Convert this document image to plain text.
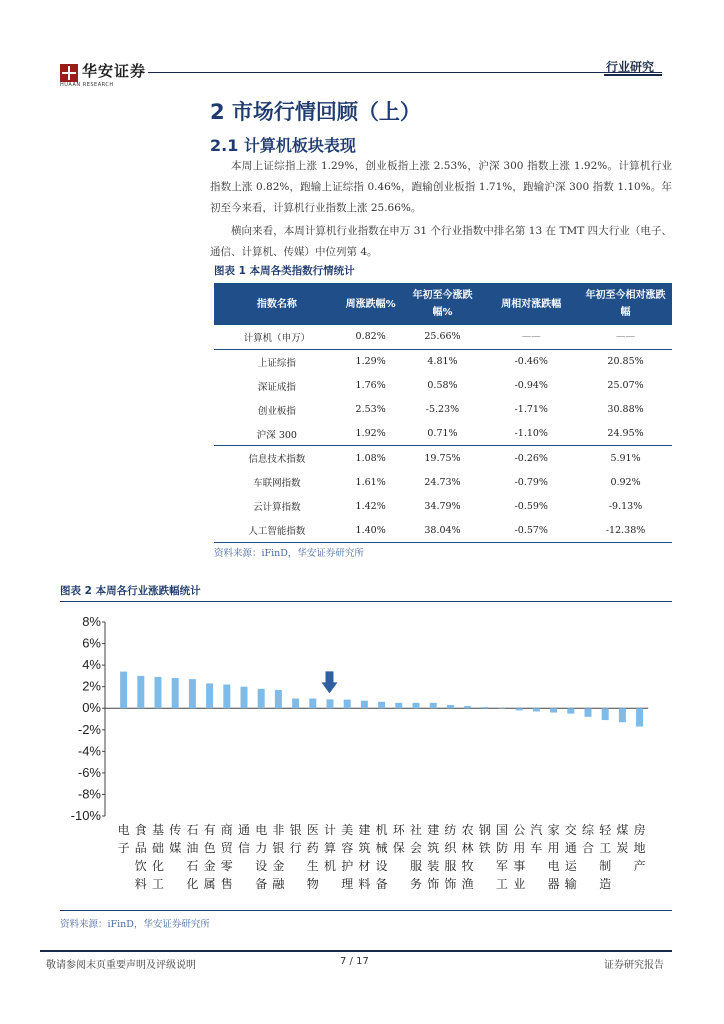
华安证券
HUAAN RESEARCH
行业研究
2 市场行情回顾（上）
2.1 计算机板块表现
本周上证综指上涨 1.29%，创业板指上涨 2.53%，沪深 300 指数上涨 1.92%。计算机行业指数上涨 0.82%，跑输上证综指 0.46%，跑输创业板指 1.71%，跑输沪深 300 指数 1.10%。年初至今来看，计算机行业指数上涨 25.66%。
横向来看，本周计算机行业指数在申万 31 个行业指数中排名第 13 在 TMT 四大行业（电子、通信、计算机、传媒）中位列第 4。
图表 1 本周各类指数行情统计
指数名称	周涨跌幅%	年初至今涨跌幅%	周相对涨跌幅	年初至今相对涨跌幅
计算机（申万）	0.82%	25.66%	——	——
上证综指	1.29%	4.81%	-0.46%	20.85%
深证成指	1.76%	0.58%	-0.94%	25.07%
创业板指	2.53%	-5.23%	-1.71%	30.88%
沪深 300	1.92%	0.71%	-1.10%	24.95%
信息技术指数	1.08%	19.75%	-0.26%	5.91%
车联网指数	1.61%	24.73%	-0.79%	0.92%
云计算指数	1.42%	34.79%	-0.59%	-9.13%
人工智能指数	1.40%	38.04%	-0.57%	-12.38%
资料来源：iFinD，华安证券研究所
图表 2 本周各行业涨跌幅统计
8%
6%
4%
2%
0%
-2%
-4%
-6%
-8%
-10%
电
子
食
品
饮
料
基
础
化
工
传
媒
石
油
石
化
有
色
金
属
商
贸
零
售
通
信
电
力
设
备
非
银
金
融
银
行
医
药
生
物
计
算
机
美
容
护
理
建
筑
材
料
机
械
设
备
环
保
社
会
服
务
建
筑
装
饰
纺
织
服
饰
农
林
牧
渔
钢
铁
国
防
军
工
公
用
事
业
汽
车
家
用
电
器
交
通
运
输
综
合
轻
工
制
造
煤
炭
房
地
产
资料来源：iFinD，华安证券研究所
敬请参阅末页重要声明及评级说明	7 / 17	证券研究报告
